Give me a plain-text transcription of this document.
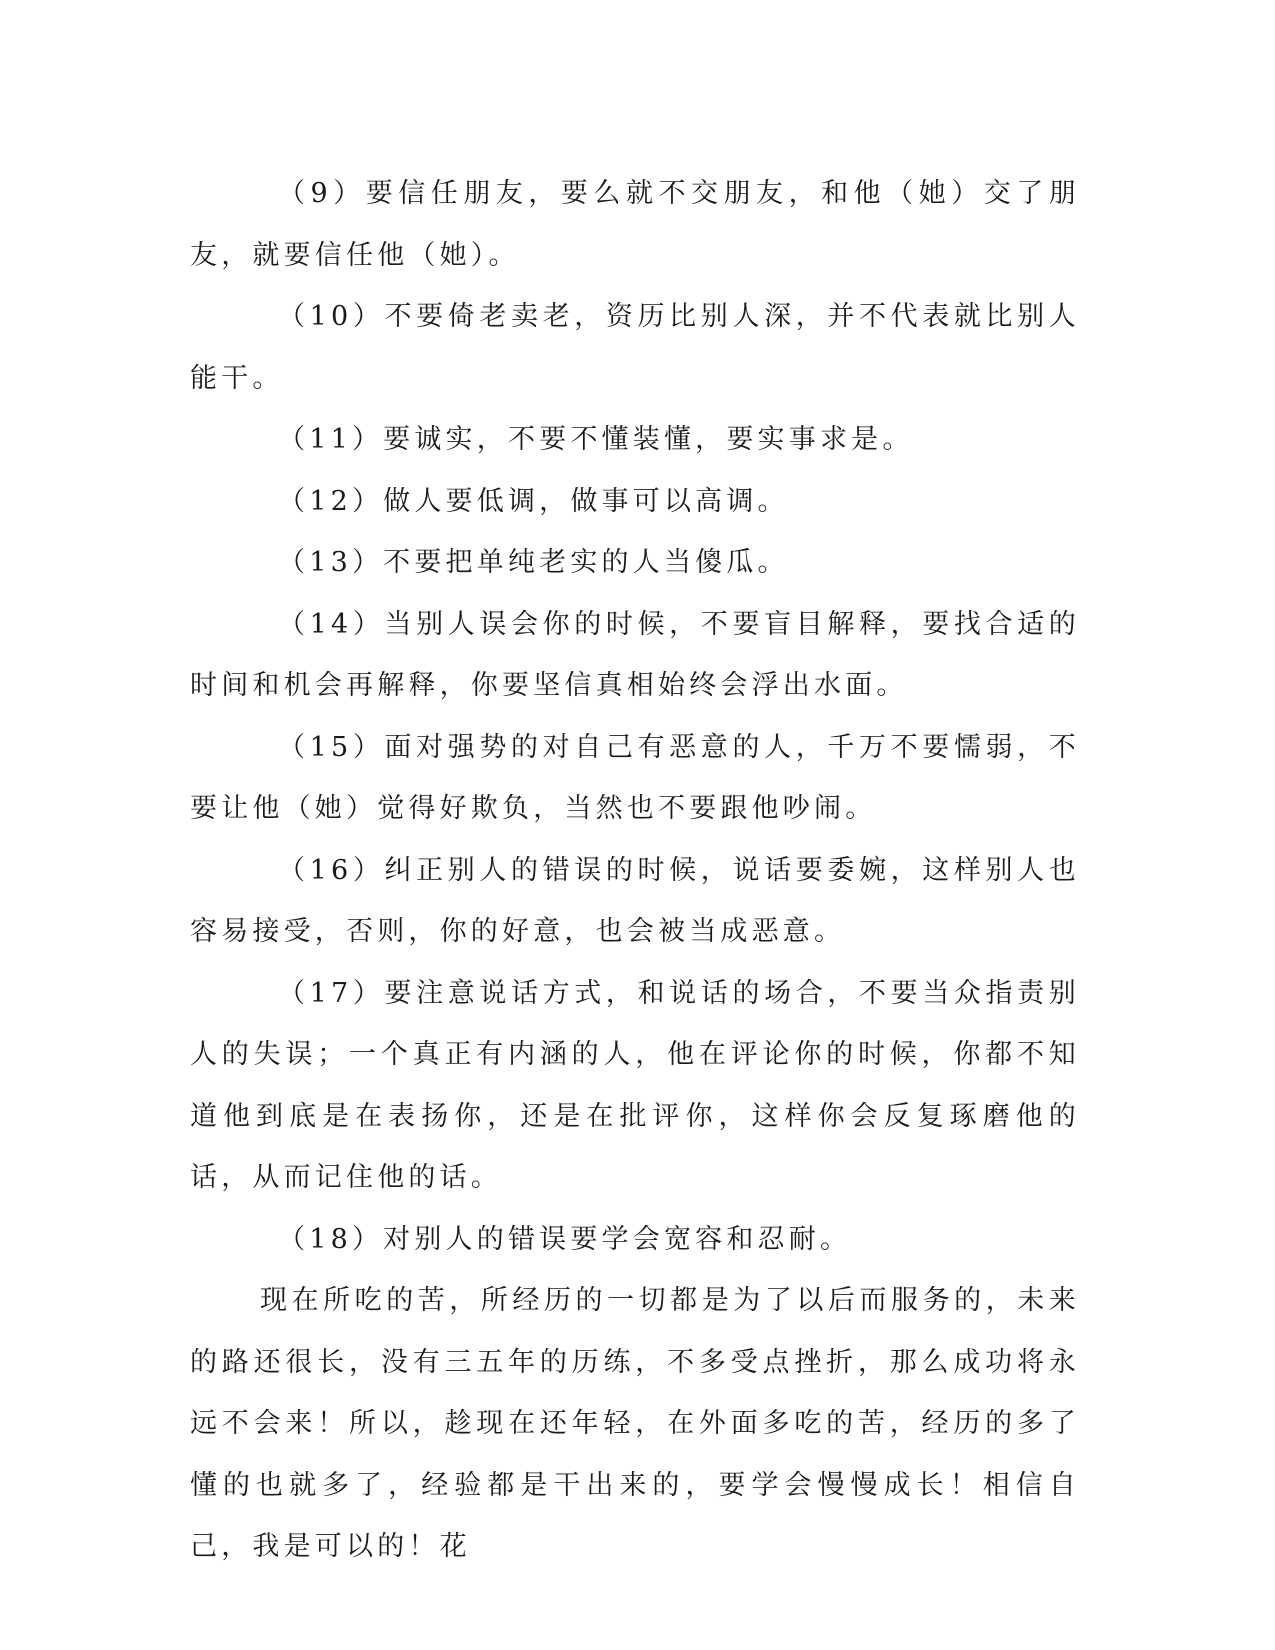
（9）要信任朋友，要么就不交朋友，和他（她）交了朋友，就要信任他（她）。

（10）不要倚老卖老，资历比别人深，并不代表就比别人能干。

（11）要诚实，不要不懂装懂，要实事求是。

（12）做人要低调，做事可以高调。

（13）不要把单纯老实的人当傻瓜。

（14）当别人误会你的时候，不要盲目解释，要找合适的时间和机会再解释，你要坚信真相始终会浮出水面。

（15）面对强势的对自己有恶意的人，千万不要懦弱，不要让他（她）觉得好欺负，当然也不要跟他吵闹。

（16）纠正别人的错误的时候，说话要委婉，这样别人也容易接受，否则，你的好意，也会被当成恶意。

（17）要注意说话方式，和说话的场合，不要当众指责别人的失误；一个真正有内涵的人，他在评论你的时候，你都不知道他到底是在表扬你，还是在批评你，这样你会反复琢磨他的话，从而记住他的话。

（18）对别人的错误要学会宽容和忍耐。

现在所吃的苦，所经历的一切都是为了以后而服务的，未来的路还很长，没有三五年的历练，不多受点挫折，那么成功将永远不会来！所以，趁现在还年轻，在外面多吃的苦，经历的多了懂的也就多了，经验都是干出来的，要学会慢慢成长！相信自己，我是可以的！花
